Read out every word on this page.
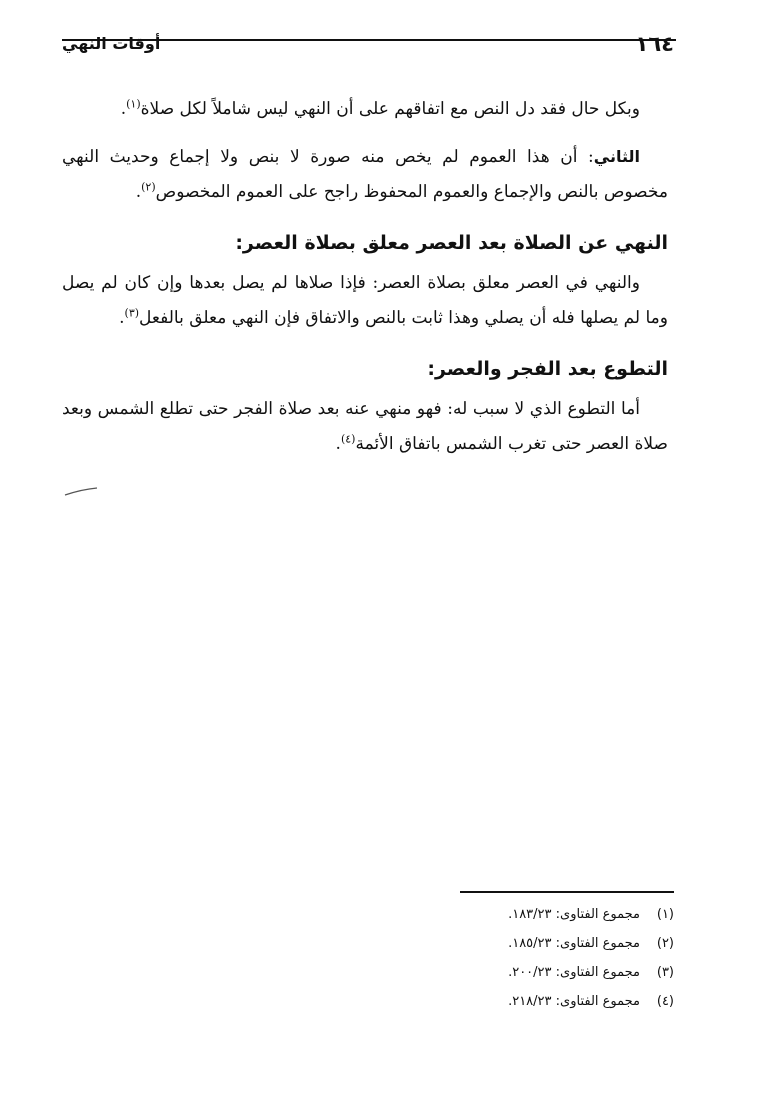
١٦٤
أوقات النهي

وبكل حال فقد دل النص مع اتفاقهم على أن النهي ليس شاملاً لكل صلاة$^{(١)}$.

الثاني: أن هذا العموم لم يخص منه صورة لا بنص ولا إجماع وحديث النهي مخصوص بالنص والإجماع والعموم المحفوظ راجح على العموم المخصوص$^{(٢)}$.

النهي عن الصلاة بعد العصر معلق بصلاة العصر:

والنهي في العصر معلق بصلاة العصر: فإذا صلاها لم يصل بعدها وإن كان لم يصل وما لم يصلها فله أن يصلي وهذا ثابت بالنص والاتفاق فإن النهي معلق بالفعل$^{(٣)}$.

التطوع بعد الفجر والعصر:

أما التطوع الذي لا سبب له: فهو منهي عنه بعد صلاة الفجر حتى تطلع الشمس وبعد صلاة العصر حتى تغرب الشمس باتفاق الأئمة$^{(٤)}$.

(١)مجموع الفتاوى: ١٨٣/٢٣.
(٢)مجموع الفتاوى: ١٨٥/٢٣.
(٣)مجموع الفتاوى: ٢٠٠/٢٣.
(٤)مجموع الفتاوى: ٢١٨/٢٣.
